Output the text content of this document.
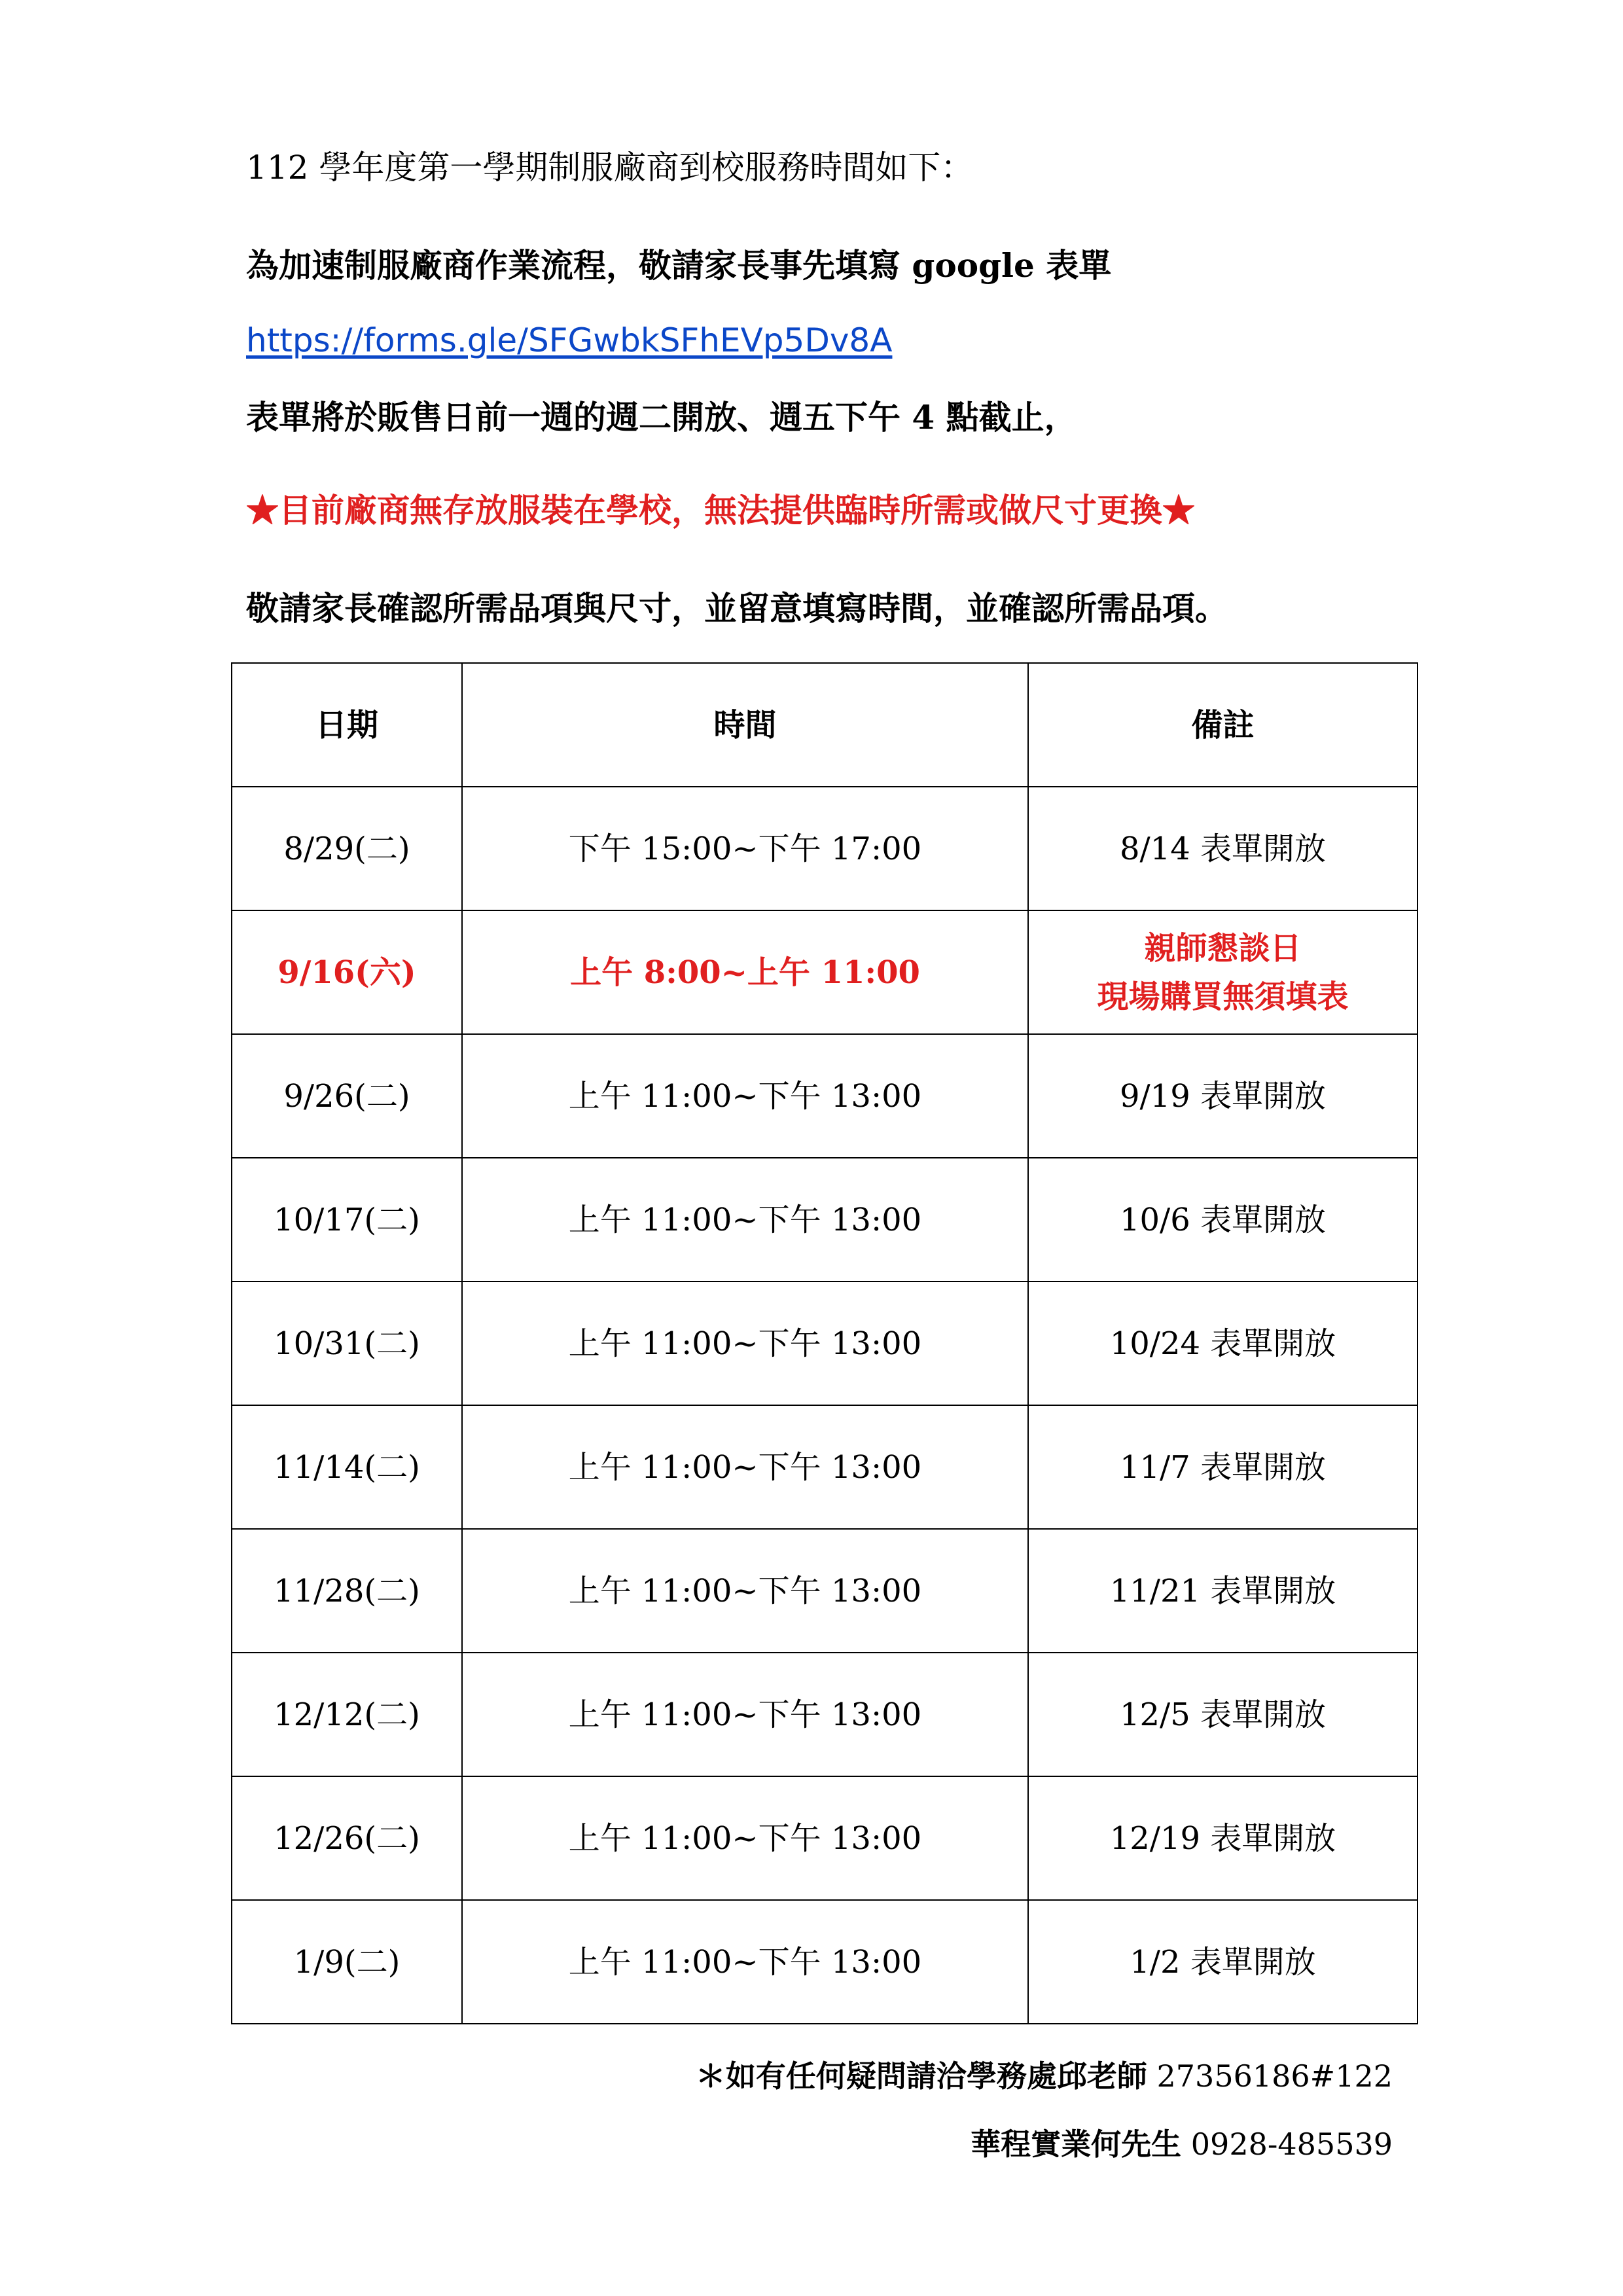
112 學年度第一學期制服廠商到校服務時間如下：
為加速制服廠商作業流程，敬請家長事先填寫 google 表單
https://forms.gle/SFGwbkSFhEVp5Dv8A
表單將於販售日前一週的週二開放、週五下午 4 點截止，
★目前廠商無存放服裝在學校，無法提供臨時所需或做尺寸更換★
敬請家長確認所需品項與尺寸，並留意填寫時間，並確認所需品項。
日期	時間	備註
8/29(二)	下午 15:00~下午 17:00	8/14 表單開放

9/16(六)	上午 8:00~上午 11:00	親師懇談日
現場購買無須填表

9/26(二)	上午 11:00~下午 13:00	9/19 表單開放

10/17(二)	上午 11:00~下午 13:00	10/6 表單開放

10/31(二)	上午 11:00~下午 13:00	10/24 表單開放

11/14(二)	上午 11:00~下午 13:00	11/7 表單開放

11/28(二)	上午 11:00~下午 13:00	11/21 表單開放

12/12(二)	上午 11:00~下午 13:00	12/5 表單開放

12/26(二)	上午 11:00~下午 13:00	12/19 表單開放

1/9(二)	上午 11:00~下午 13:00	1/2 表單開放
＊如有任何疑問請洽學務處邱老師 27356186#122
華程實業何先生 0928-485539
